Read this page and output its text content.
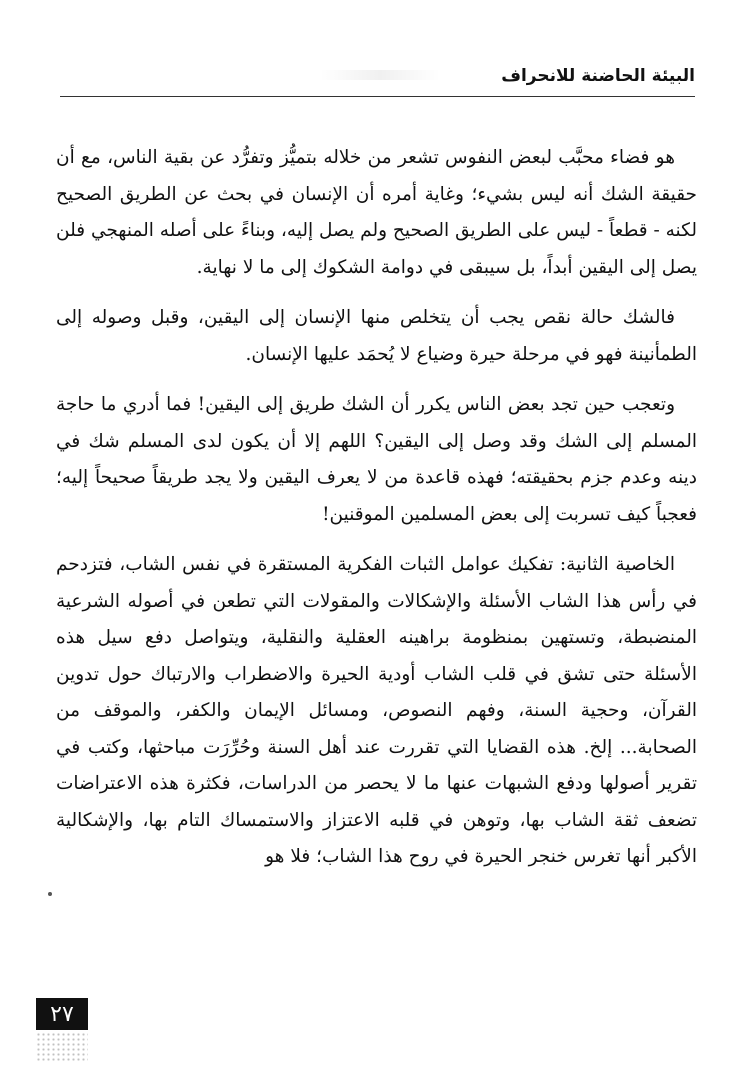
البيئة الحاضنة للانحراف

هو فضاء محبَّب لبعض النفوس تشعر من خلاله بتميُّز وتفرُّد عن بقية الناس، مع أن حقيقة الشك أنه ليس بشيء؛ وغاية أمره أن الإنسان في بحث عن الطريق الصحيح لكنه - قطعاً - ليس على الطريق الصحيح ولم يصل إليه، وبناءً على أصله المنهجي فلن يصل إلى اليقين أبداً، بل سيبقى في دوامة الشكوك إلى ما لا نهاية.

فالشك حالة نقص يجب أن يتخلص منها الإنسان إلى اليقين، وقبل وصوله إلى الطمأنينة فهو في مرحلة حيرة وضياع لا يُحمَد عليها الإنسان.

وتعجب حين تجد بعض الناس يكرر أن الشك طريق إلى اليقين! فما أدري ما حاجة المسلم إلى الشك وقد وصل إلى اليقين؟ اللهم إلا أن يكون لدى المسلم شك في دينه وعدم جزم بحقيقته؛ فهذه قاعدة من لا يعرف اليقين ولا يجد طريقاً صحيحاً إليه؛ فعجباً كيف تسربت إلى بعض المسلمين الموقنين!

الخاصية الثانية: تفكيك عوامل الثبات الفكرية المستقرة في نفس الشاب، فتزدحم في رأس هذا الشاب الأسئلة والإشكالات والمقولات التي تطعن في أصوله الشرعية المنضبطة، وتستهين بمنظومة براهينه العقلية والنقلية، ويتواصل دفع سيل هذه الأسئلة حتى تشق في قلب الشاب أودية الحيرة والاضطراب والارتباك حول تدوين القرآن، وحجية السنة، وفهم النصوص، ومسائل الإيمان والكفر، والموقف من الصحابة... إلخ. هذه القضايا التي تقررت عند أهل السنة وحُرِّرَت مباحثها، وكتب في تقرير أصولها ودفع الشبهات عنها ما لا يحصر من الدراسات، فكثرة هذه الاعتراضات تضعف ثقة الشاب بها، وتوهن في قلبه الاعتزاز والاستمساك التام بها، والإشكالية الأكبر أنها تغرس خنجر الحيرة في روح هذا الشاب؛ فلا هو

٢٧
